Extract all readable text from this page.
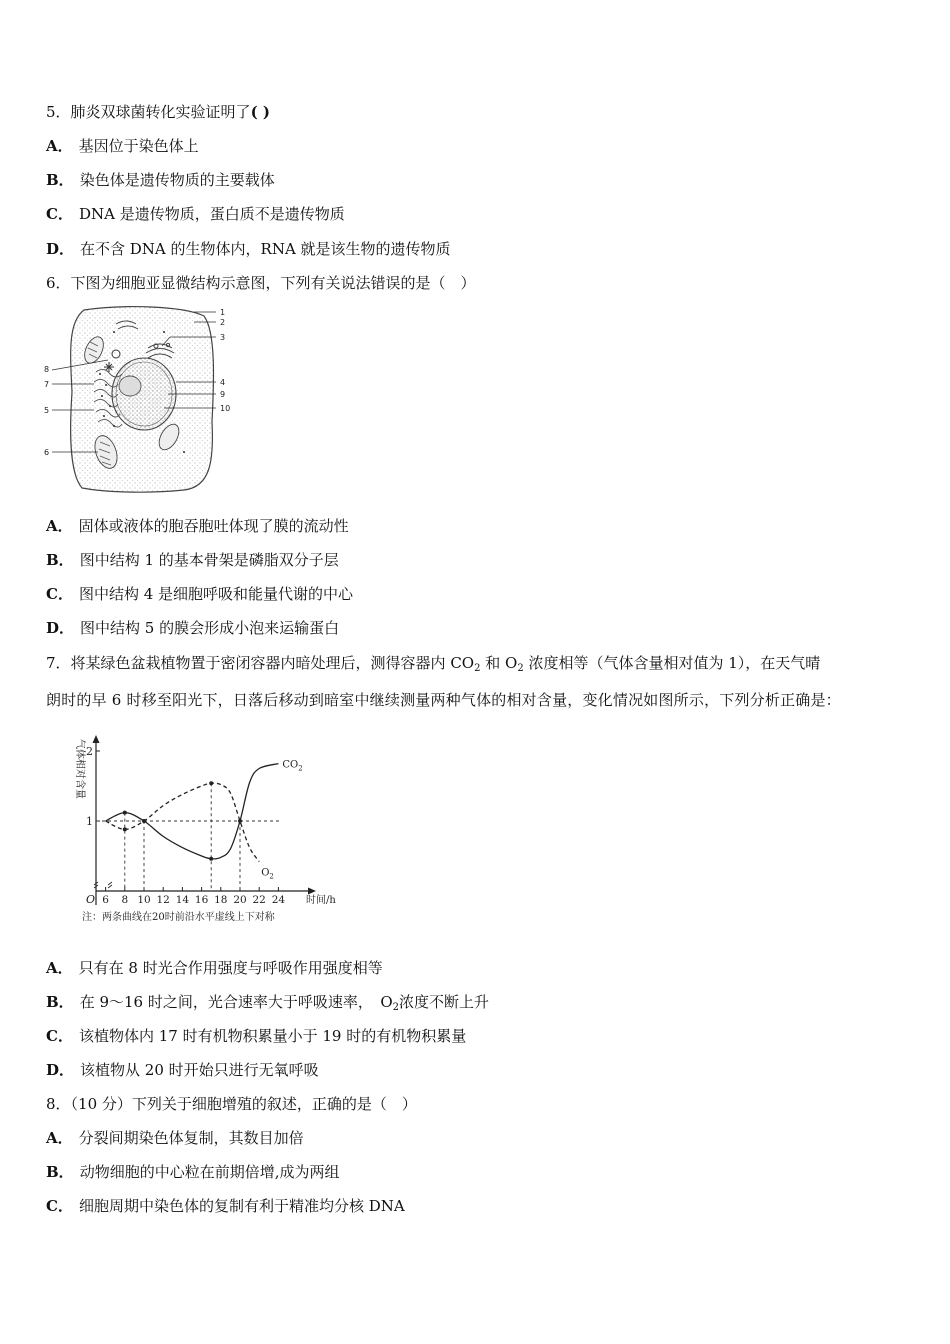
5．肺炎双球菌转化实验证明了( )
A． 基因位于染色体上
B． 染色体是遗传物质的主要载体
C． DNA 是遗传物质，蛋白质不是遗传物质
D． 在不含 DNA 的生物体内，RNA 就是该生物的遗传物质
6．下图为细胞亚显微结构示意图，下列有关说法错误的是（　）
1
2
3
4
9
10
8
7
5
6
A． 固体或液体的胞吞胞吐体现了膜的流动性
B． 图中结构 1 的基本骨架是磷脂双分子层
C． 图中结构 4 是细胞呼吸和能量代谢的中心
D． 图中结构 5 的膜会形成小泡来运输蛋白
7．将某绿色盆栽植物置于密闭容器内暗处理后，测得容器内 $CO_2$ 和 $O_2$ 浓度相等（气体含量相对值为 1），在天气晴
朗时的早 6 时移至阳光下，日落后移动到暗室中继续测量两种气体的相对含量，变化情况如图所示，下列分析正确是：
气体相对含量
O	时间/h
1
2
6 8 10 12 14 16 18 20 22 24
$CO_2$
$O_2$
注：两条曲线在20时前沿水平虚线上下对称
A． 只有在 8 时光合作用强度与呼吸作用强度相等
B． 在 9～16 时之间，光合速率大于呼吸速率，　$O_2$浓度不断上升
C． 该植物体内 17 时有机物积累量小于 19 时的有机物积累量
D． 该植物从 20 时开始只进行无氧呼吸
8．（10 分）下列关于细胞增殖的叙述，正确的是（　）
A． 分裂间期染色体复制，其数目加倍
B． 动物细胞的中心粒在前期倍增,成为两组
C． 细胞周期中染色体的复制有利于精准均分核 DNA
